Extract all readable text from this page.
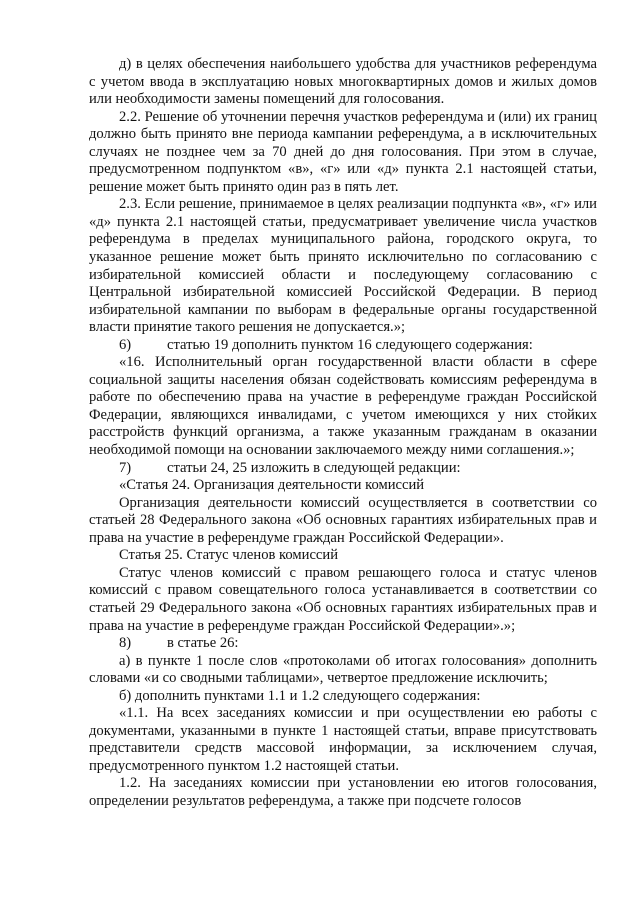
д) в целях обеспечения наибольшего удобства для участников референдума с учетом ввода в эксплуатацию новых многоквартирных домов и жилых домов или необходимости замены помещений для голосования.

2.2. Решение об уточнении перечня участков референдума и (или) их границ должно быть принято вне периода кампании референдума, а в исключительных случаях не позднее чем за 70 дней до дня голосования. При этом в случае, предусмотренном подпунктом «в», «г» или «д» пункта 2.1 настоящей статьи, решение может быть принято один раз в пять лет.

2.3. Если решение, принимаемое в целях реализации подпункта «в», «г» или «д» пункта 2.1 настоящей статьи, предусматривает увеличение числа участков референдума в пределах муниципального района, городского округа, то указанное решение может быть принято исключительно по согласованию с избирательной комиссией области и последующему согласованию с Центральной избирательной комиссией Российской Федерации. В период избирательной кампании по выборам в федеральные органы государственной власти принятие такого решения не допускается.»;

6) статью 19 дополнить пунктом 16 следующего содержания:

«16. Исполнительный орган государственной власти области в сфере социальной защиты населения обязан содействовать комиссиям референдума в работе по обеспечению права на участие в референдуме граждан Российской Федерации, являющихся инвалидами, с учетом имеющихся у них стойких расстройств функций организма, а также указанным гражданам в оказании необходимой помощи на основании заключаемого между ними соглашения.»;

7) статьи 24, 25 изложить в следующей редакции:

«Статья 24. Организация деятельности комиссий

Организация деятельности комиссий осуществляется в соответствии со статьей 28 Федерального закона «Об основных гарантиях избирательных прав и права на участие в референдуме граждан Российской Федерации».

Статья 25. Статус членов комиссий

Статус членов комиссий с правом решающего голоса и статус членов комиссий с правом совещательного голоса устанавливается в соответствии со статьей 29 Федерального закона «Об основных гарантиях избирательных прав и права на участие в референдуме граждан Российской Федерации».»;

8) в статье 26:

а) в пункте 1 после слов «протоколами об итогах голосования» дополнить словами «и со сводными таблицами», четвертое предложение исключить;

б) дополнить пунктами 1.1 и 1.2 следующего содержания:

«1.1. На всех заседаниях комиссии и при осуществлении ею работы с документами, указанными в пункте 1 настоящей статьи, вправе присутствовать представители средств массовой информации, за исключением случая, предусмотренного пунктом 1.2 настоящей статьи.

1.2. На заседаниях комиссии при установлении ею итогов голосования, определении результатов референдума, а также при подсчете голосов
